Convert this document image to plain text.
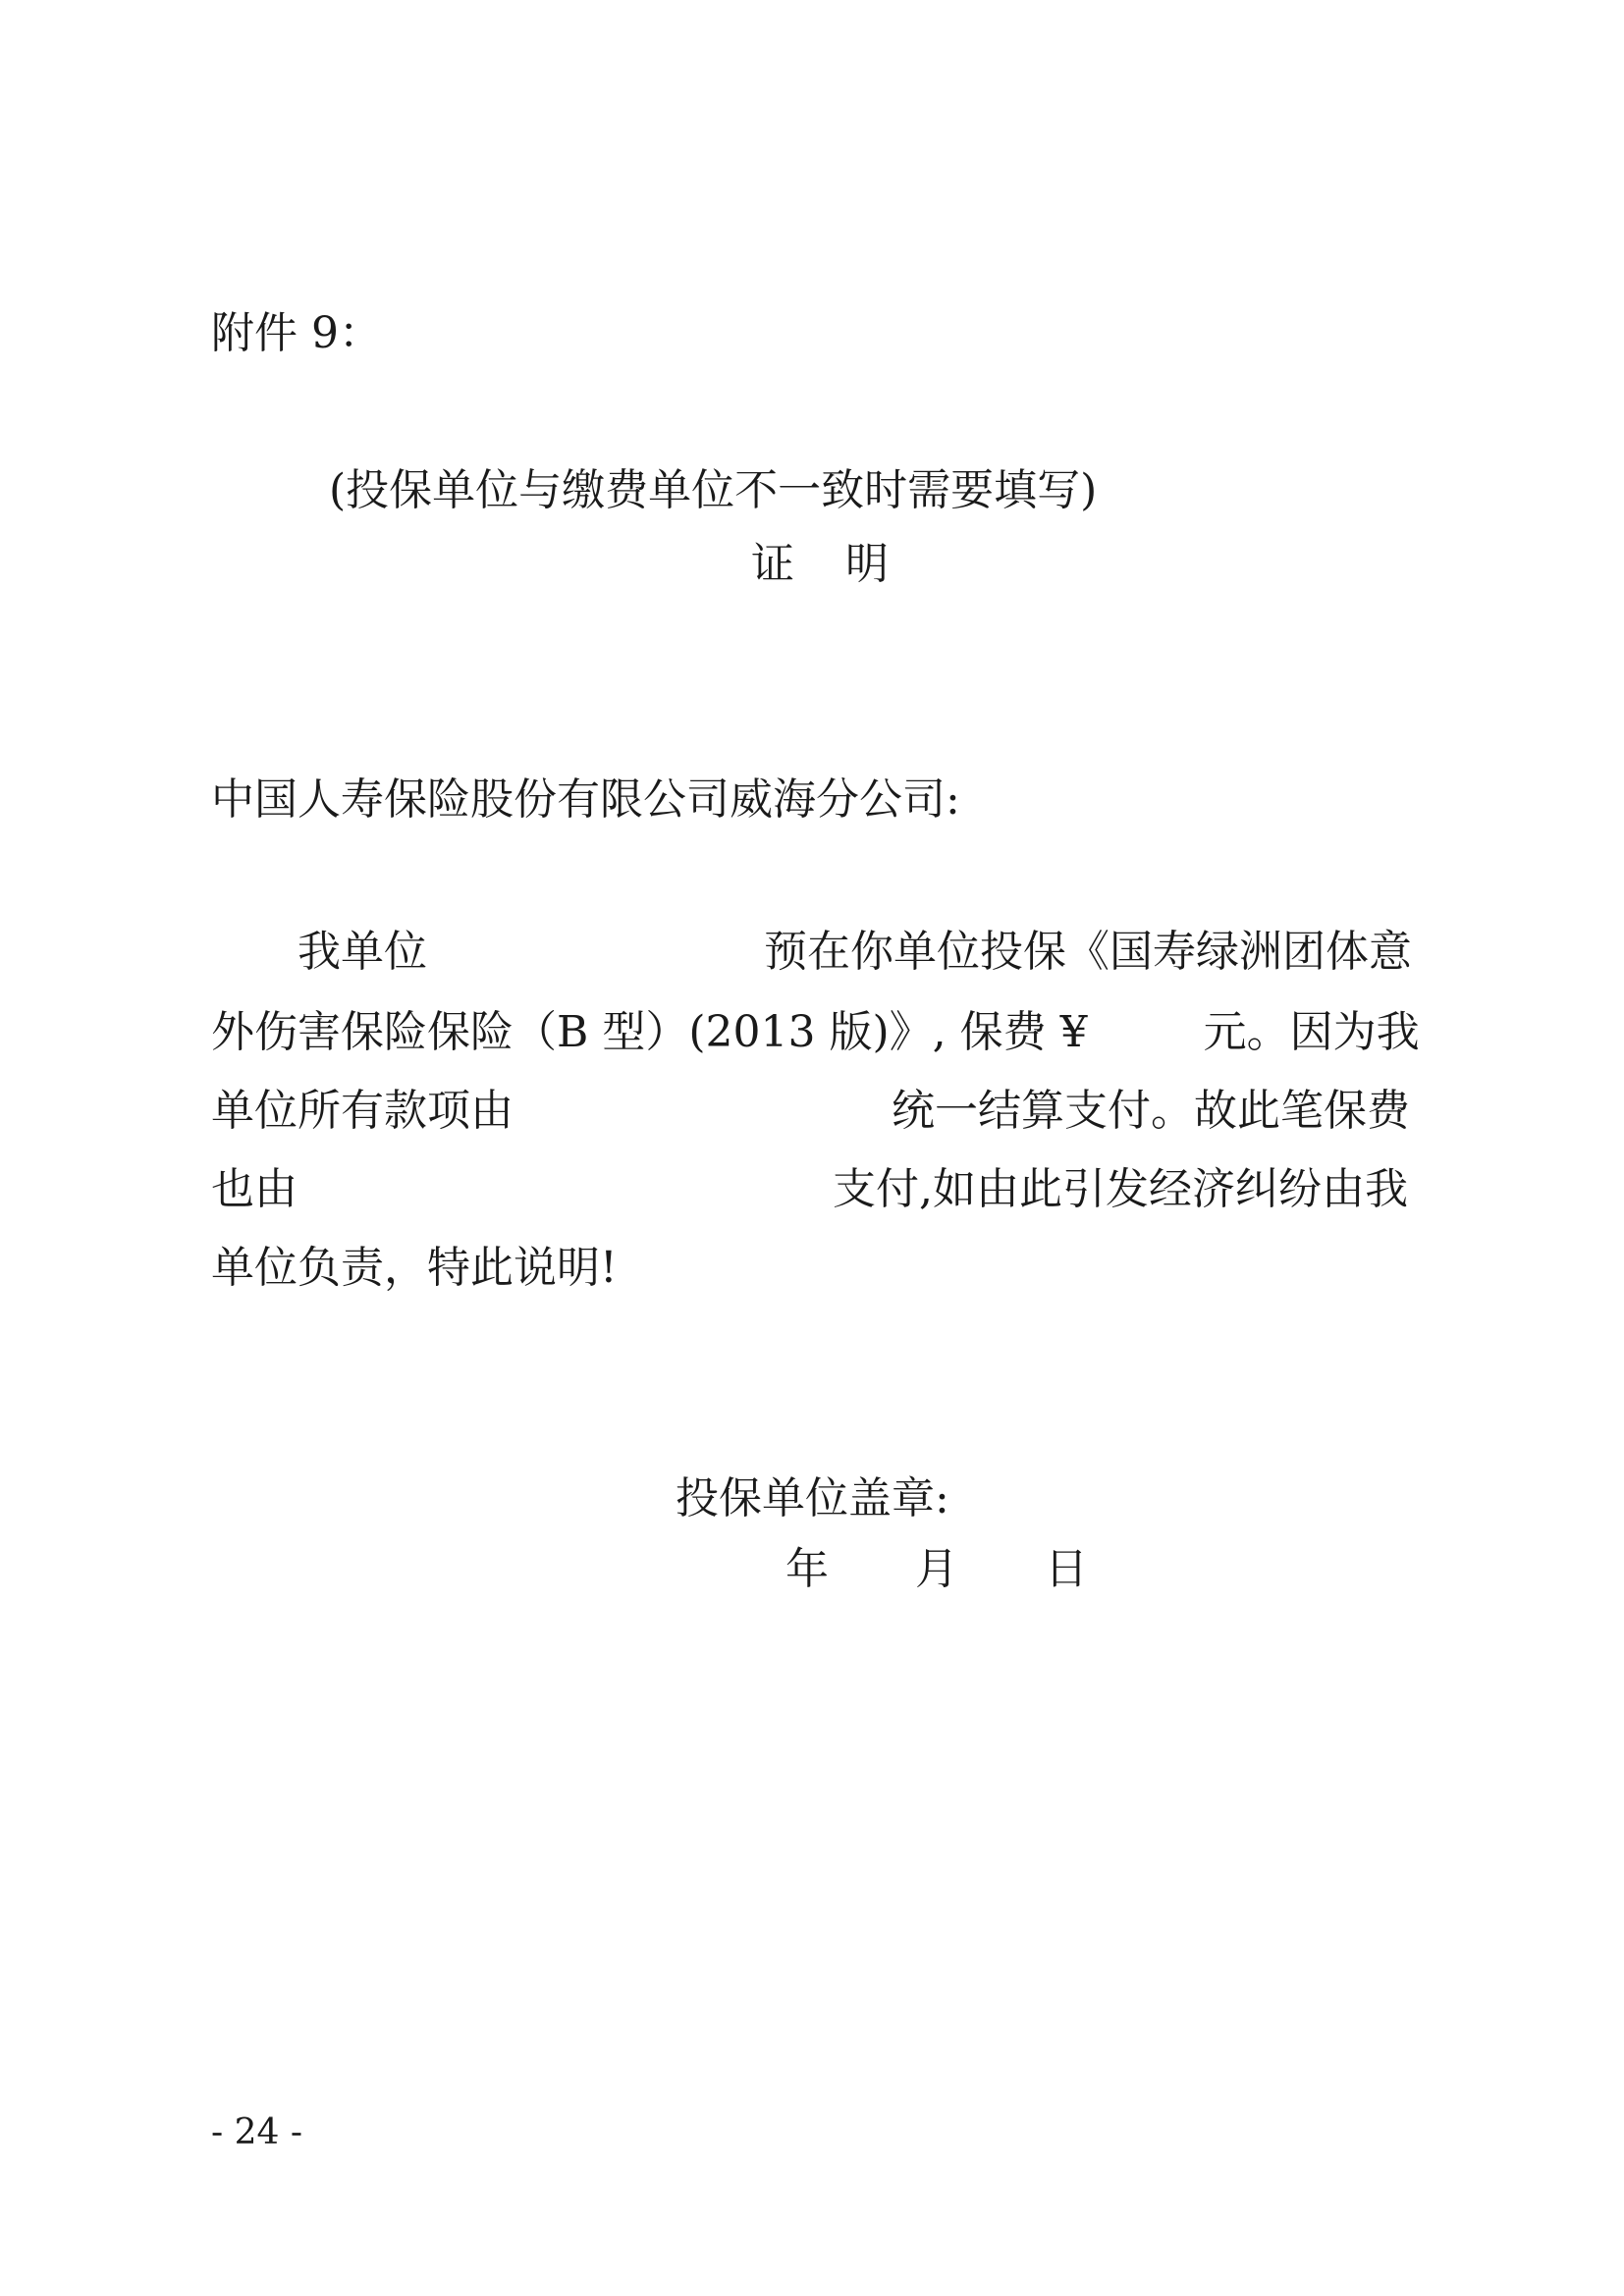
附件 9：
(投保单位与缴费单位不一致时需要填写)
证　明
中国人寿保险股份有限公司威海分公司:
我单位	预在你单位投保《国寿绿洲团体意
外伤害保险保险（B 型）(2013 版)》, 保费 ¥	元。因为我
单位所有款项由	统一结算支付。故此笔保费
也由	支付,如由此引发经济纠纷由我
单位负责，特此说明!
投保单位盖章:
年 月 日
- 24 -
